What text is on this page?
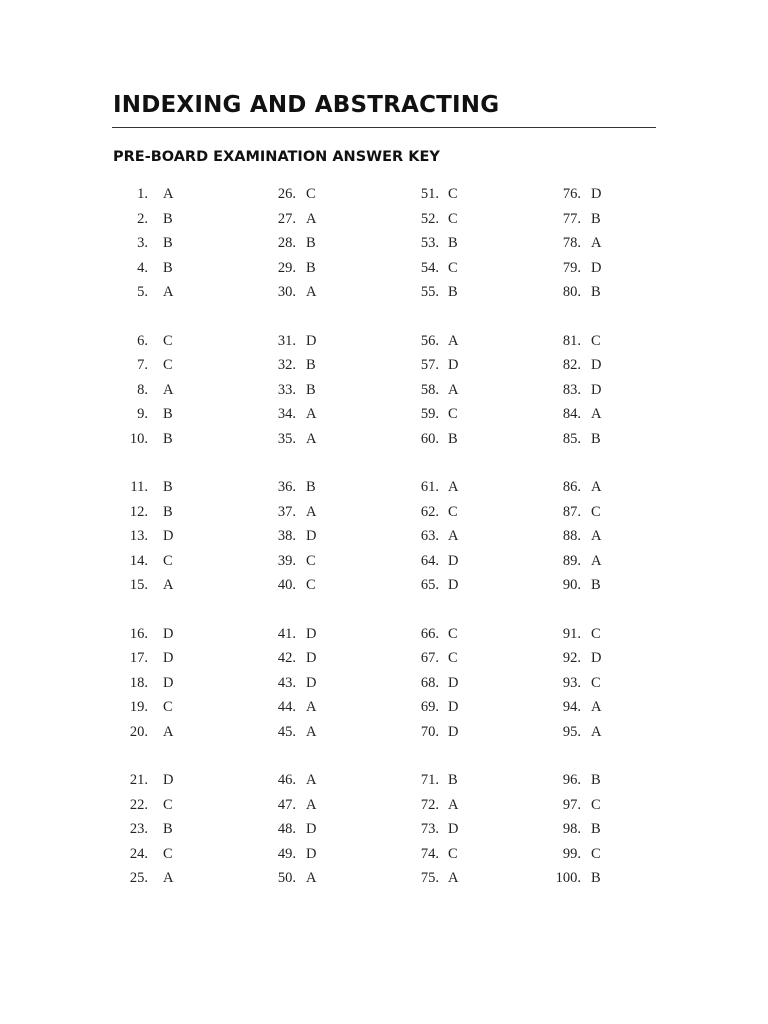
INDEXING AND ABSTRACTING
PRE-BOARD EXAMINATION ANSWER KEY
1. A
2. B
3. B
4. B
5. A
6. C
7. C
8. A
9. B
10. B
11. B
12. B
13. D
14. C
15. A
16. D
17. D
18. D
19. C
20. A
21. D
22. C
23. B
24. C
25. A
26. C
27. A
28. B
29. B
30. A
31. D
32. B
33. B
34. A
35. A
36. B
37. A
38. D
39. C
40. C
41. D
42. D
43. D
44. A
45. A
46. A
47. A
48. D
49. D
50. A
51. C
52. C
53. B
54. C
55. B
56. A
57. D
58. A
59. C
60. B
61. A
62. C
63. A
64. D
65. D
66. C
67. C
68. D
69. D
70. D
71. B
72. A
73. D
74. C
75. A
76. D
77. B
78. A
79. D
80. B
81. C
82. D
83. D
84. A
85. B
86. A
87. C
88. A
89. A
90. B
91. C
92. D
93. C
94. A
95. A
96. B
97. C
98. B
99. C
100. B
